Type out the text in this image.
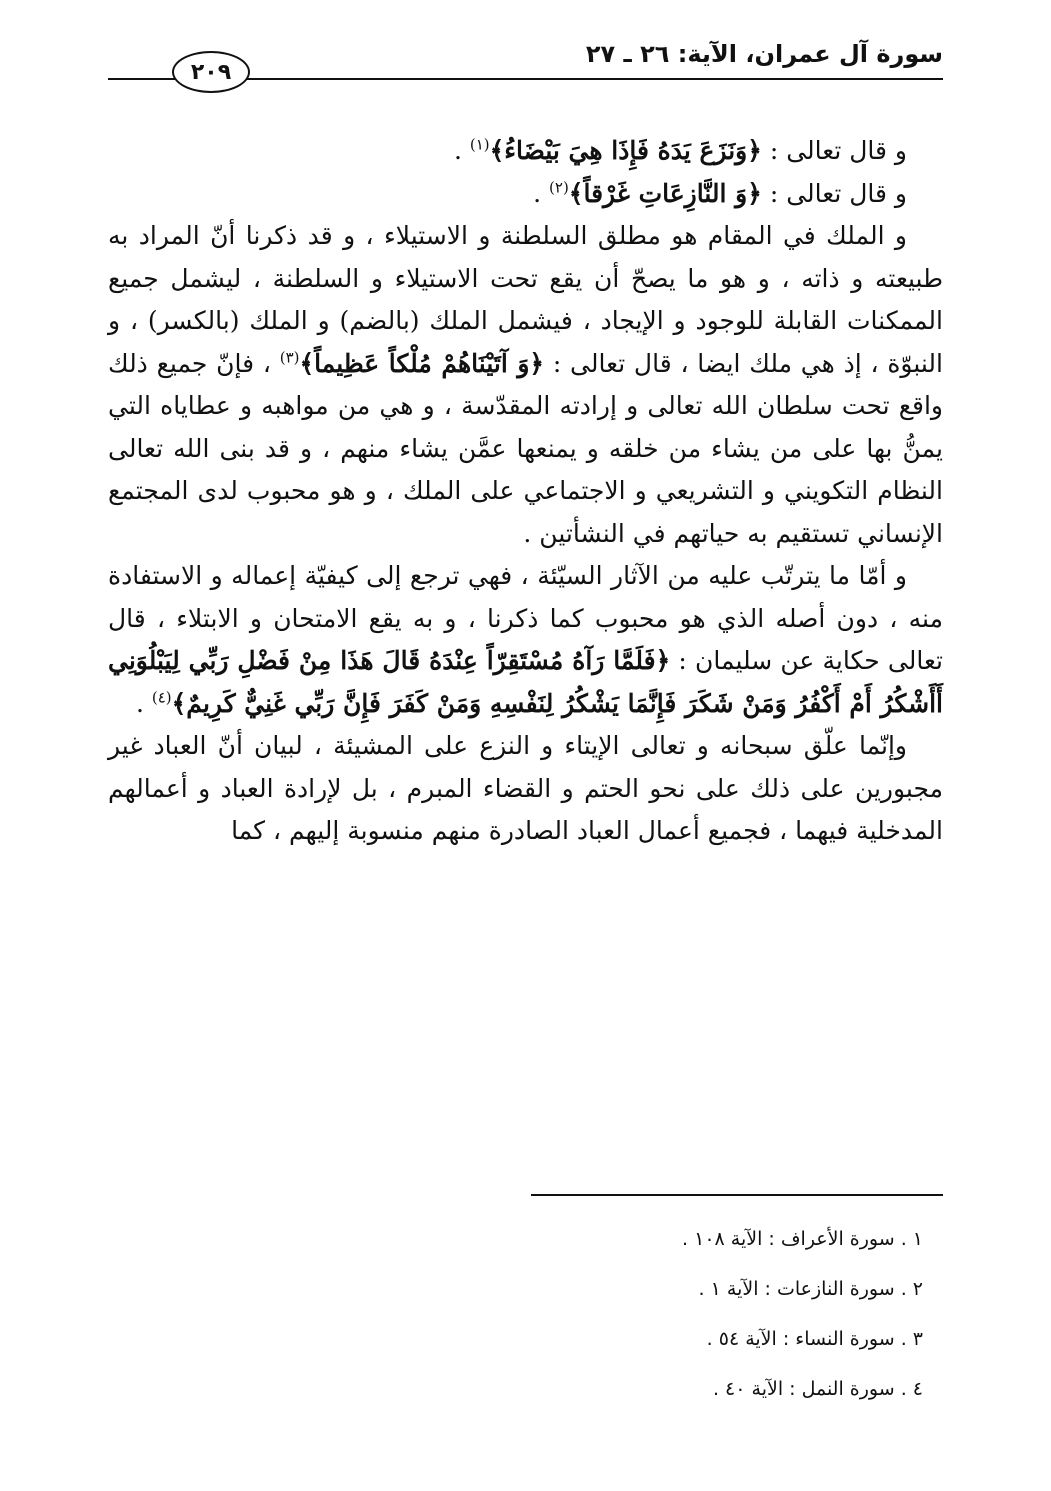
سورة آل عمران، الآية: ٢٦ ـ ٢٧
٢٠٩

و قال تعالى : ﴿وَنَزَعَ يَدَهُ فَإِذَا هِيَ بَيْضَاءُ﴾$^{(١)}$ .

و قال تعالى : ﴿وَ النَّازِعَاتِ غَرْقاً﴾$^{(٢)}$ .

و الملك في المقام هو مطلق السلطنة و الاستيلاء ، و قد ذكرنا أنّ المراد به طبيعته و ذاته ، و هو ما يصحّ أن يقع تحت الاستيلاء و السلطنة ، ليشمل جميع الممكنات القابلة للوجود و الإيجاد ، فيشمل الملك (بالضم) و الملك (بالكسر) ، و النبوّة ، إذ هي ملك ايضا ، قال تعالى : ﴿وَ آتَيْنَاهُمْ مُلْكاً عَظِيماً﴾$^{(٣)}$ ، فإنّ جميع ذلك واقع تحت سلطان الله تعالى و إرادته المقدّسة ، و هي من مواهبه و عطاياه التي يمنُّ بها على من يشاء من خلقه و يمنعها عمَّن يشاء منهم ، و قد بنى الله تعالى النظام التكويني و التشريعي و الاجتماعي على الملك ، و هو محبوب لدى المجتمع الإنساني تستقيم به حياتهم في النشأتين .

و أمّا ما يترتّب عليه من الآثار السيّئة ، فهي ترجع إلى كيفيّة إعماله و الاستفادة منه ، دون أصله الذي هو محبوب كما ذكرنا ، و به يقع الامتحان و الابتلاء ، قال تعالى حكاية عن سليمان : ﴿فَلَمَّا رَآهُ مُسْتَقِرّاً عِنْدَهُ قَالَ هَذَا مِنْ فَضْلِ رَبِّي لِيَبْلُوَنِي أَأَشْكُرُ أَمْ أَكْفُرُ وَمَنْ شَكَرَ فَإِنَّمَا يَشْكُرُ لِنَفْسِهِ وَمَنْ كَفَرَ فَإِنَّ رَبِّي غَنِيٌّ كَرِيمٌ﴾$^{(٤)}$ .

وإنّما علّق سبحانه و تعالى الإيتاء و النزع على المشيئة ، لبيان أنّ العباد غير مجبورين على ذلك على نحو الحتم و القضاء المبرم ، بل لإرادة العباد و أعمالهم المدخلية فيهما ، فجميع أعمال العباد الصادرة منهم منسوبة إليهم ، كما

١ . سورة الأعراف : الآية ١٠٨ .
٢ . سورة النازعات : الآية ١ .
٣ . سورة النساء : الآية ٥٤ .
٤ . سورة النمل : الآية ٤٠ .
